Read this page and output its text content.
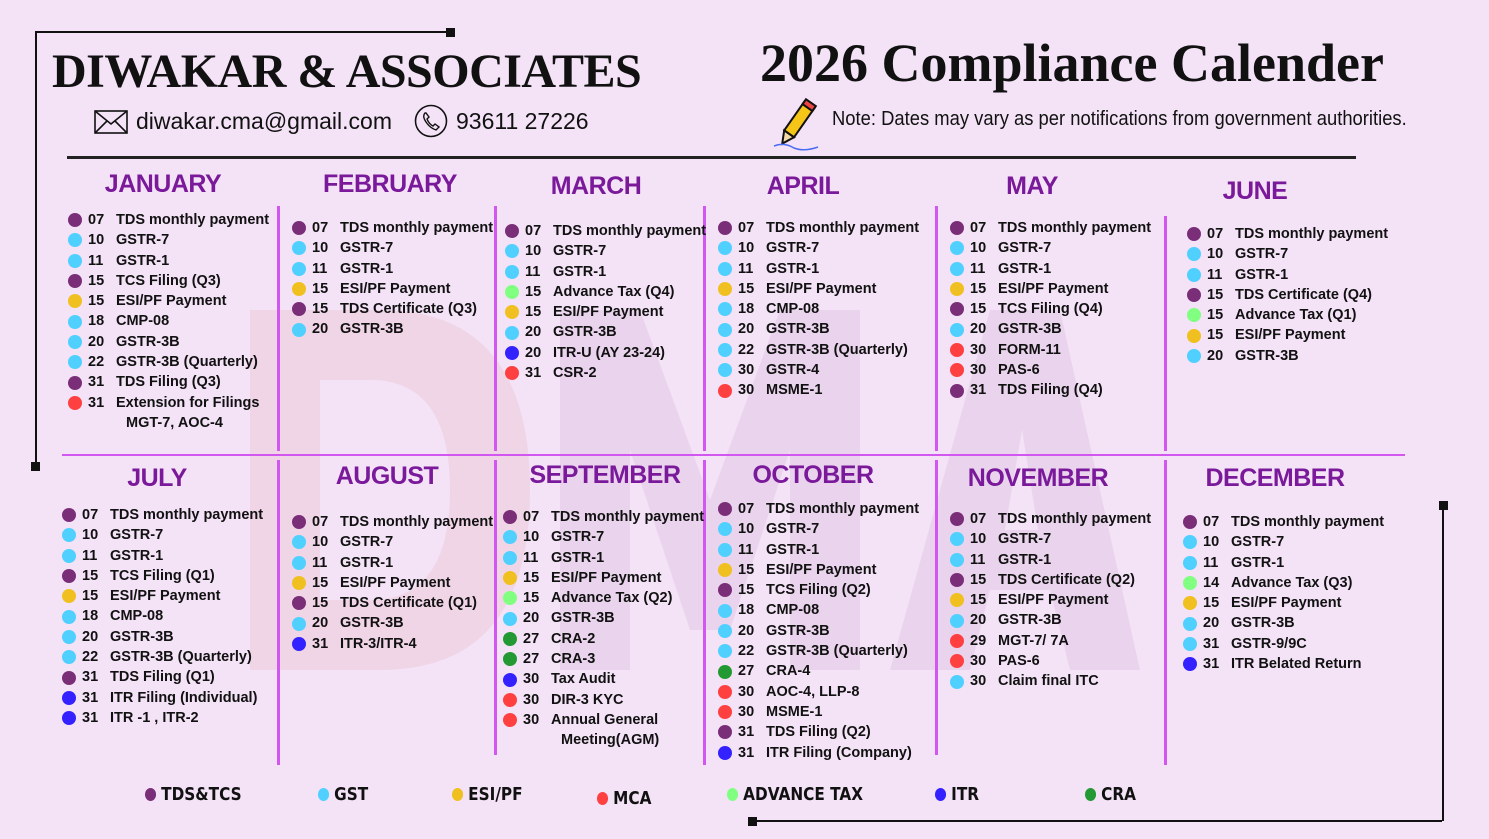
DIWAKAR & ASSOCIATES	2026 Compliance Calender
diwakar.cma@gmail.com	93611 27226	Note: Dates may vary as per notifications from government authorities.
JANUARY
07 TDS monthly payment
10 GSTR-7
11 GSTR-1
15 TCS Filing (Q3)
15 ESI/PF Payment
18 CMP-08
20 GSTR-3B
22 GSTR-3B (Quarterly)
31 TDS Filing (Q3)
31 Extension for Filings
MGT-7, AOC-4
FEBRUARY
07 TDS monthly payment
10 GSTR-7
11 GSTR-1
15 ESI/PF Payment
15 TDS Certificate (Q3)
20 GSTR-3B
MARCH
07 TDS monthly payment
10 GSTR-7
11 GSTR-1
15 Advance Tax (Q4)
15 ESI/PF Payment
20 GSTR-3B
20 ITR-U (AY 23-24)
31 CSR-2
APRIL
07 TDS monthly payment
10 GSTR-7
11 GSTR-1
15 ESI/PF Payment
18 CMP-08
20 GSTR-3B
22 GSTR-3B (Quarterly)
30 GSTR-4
30 MSME-1
MAY
07 TDS monthly payment
10 GSTR-7
11 GSTR-1
15 ESI/PF Payment
15 TCS Filing (Q4)
20 GSTR-3B
30 FORM-11
30 PAS-6
31 TDS Filing (Q4)
JUNE
07 TDS monthly payment
10 GSTR-7
11 GSTR-1
15 TDS Certificate (Q4)
15 Advance Tax (Q1)
15 ESI/PF Payment
20 GSTR-3B
JULY
07 TDS monthly payment
10 GSTR-7
11 GSTR-1
15 TCS Filing (Q1)
15 ESI/PF Payment
18 CMP-08
20 GSTR-3B
22 GSTR-3B (Quarterly)
31 TDS Filing (Q1)
31 ITR Filing (Individual)
31 ITR -1 , ITR-2
AUGUST
07 TDS monthly payment
10 GSTR-7
11 GSTR-1
15 ESI/PF Payment
15 TDS Certificate (Q1)
20 GSTR-3B
31 ITR-3/ITR-4
SEPTEMBER
07 TDS monthly payment
10 GSTR-7
11 GSTR-1
15 ESI/PF Payment
15 Advance Tax (Q2)
20 GSTR-3B
27 CRA-2
27 CRA-3
30 Tax Audit
30 DIR-3 KYC
30 Annual General
Meeting(AGM)
OCTOBER
07 TDS monthly payment
10 GSTR-7
11 GSTR-1
15 ESI/PF Payment
15 TCS Filing (Q2)
18 CMP-08
20 GSTR-3B
22 GSTR-3B (Quarterly)
27 CRA-4
30 AOC-4, LLP-8
30 MSME-1
31 TDS Filing (Q2)
31 ITR Filing (Company)
NOVEMBER
07 TDS monthly payment
10 GSTR-7
11 GSTR-1
15 TDS Certificate (Q2)
15 ESI/PF Payment
20 GSTR-3B
29 MGT-7/ 7A
30 PAS-6
30 Claim final ITC
DECEMBER
07 TDS monthly payment
10 GSTR-7
11 GSTR-1
14 Advance Tax (Q3)
15 ESI/PF Payment
20 GSTR-3B
31 GSTR-9/9C
31 ITR Belated Return
TDS&TCS	GST	ESI/PF	MCA	ADVANCE TAX	ITR	CRA
